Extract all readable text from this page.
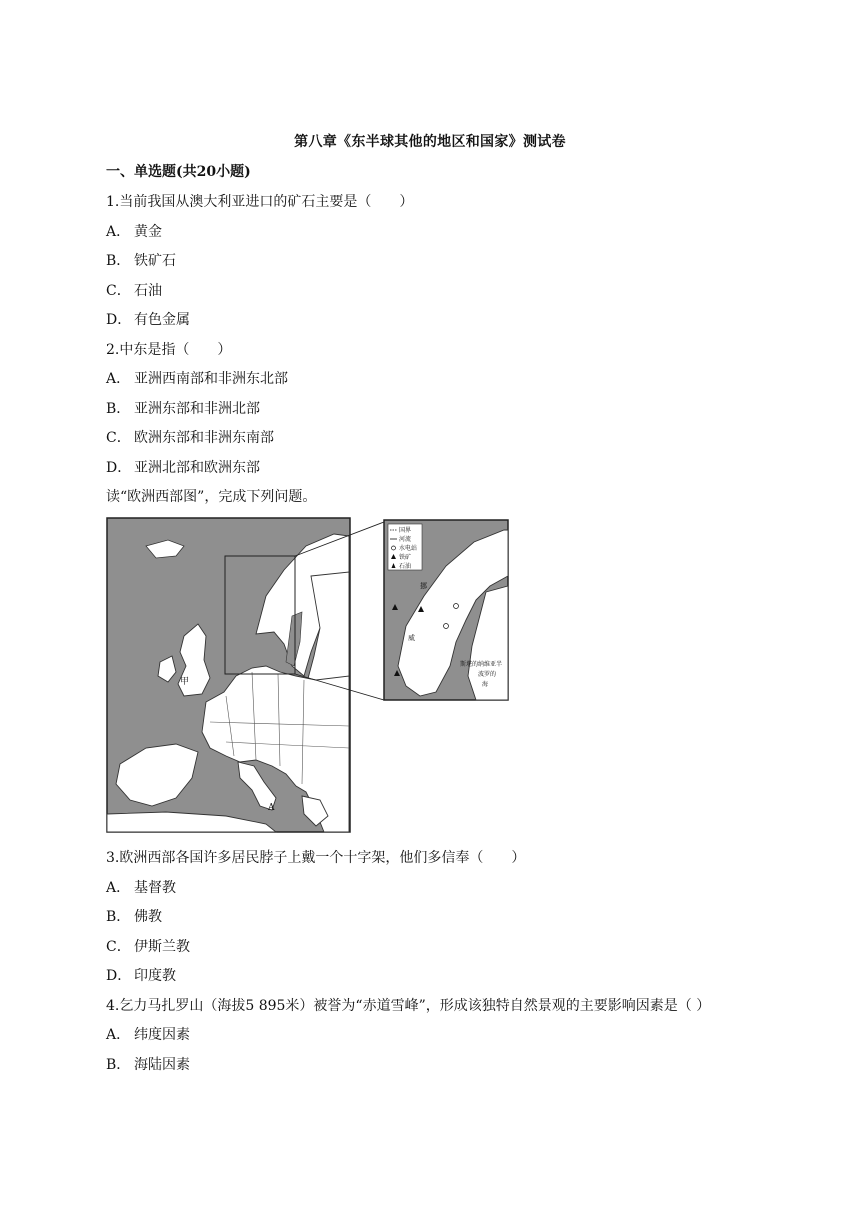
第八章《东半球其他的地区和国家》测试卷
一、单选题(共20小题)
1.当前我国从澳大利亚进口的矿石主要是（　　）
A． 黄金
B． 铁矿石
C． 石油
D． 有色金属
2.中东是指（　　）
A． 亚洲西南部和非洲东北部
B． 亚洲东部和非洲北部
C． 欧洲东部和非洲东南部
D． 亚洲北部和欧洲东部
读“欧洲西部图”，完成下列问题。
甲
A
国界
河流
水电站
铁矿
石油
挪
威
斯堪的纳维亚半
波罗的
海
3.欧洲西部各国许多居民脖子上戴一个十字架，他们多信奉（　　）
A． 基督教
B． 佛教
C． 伊斯兰教
D． 印度教
4.乞力马扎罗山（海拔5 895米）被誉为“赤道雪峰”，形成该独特自然景观的主要影响因素是（ ）
A． 纬度因素
B． 海陆因素
